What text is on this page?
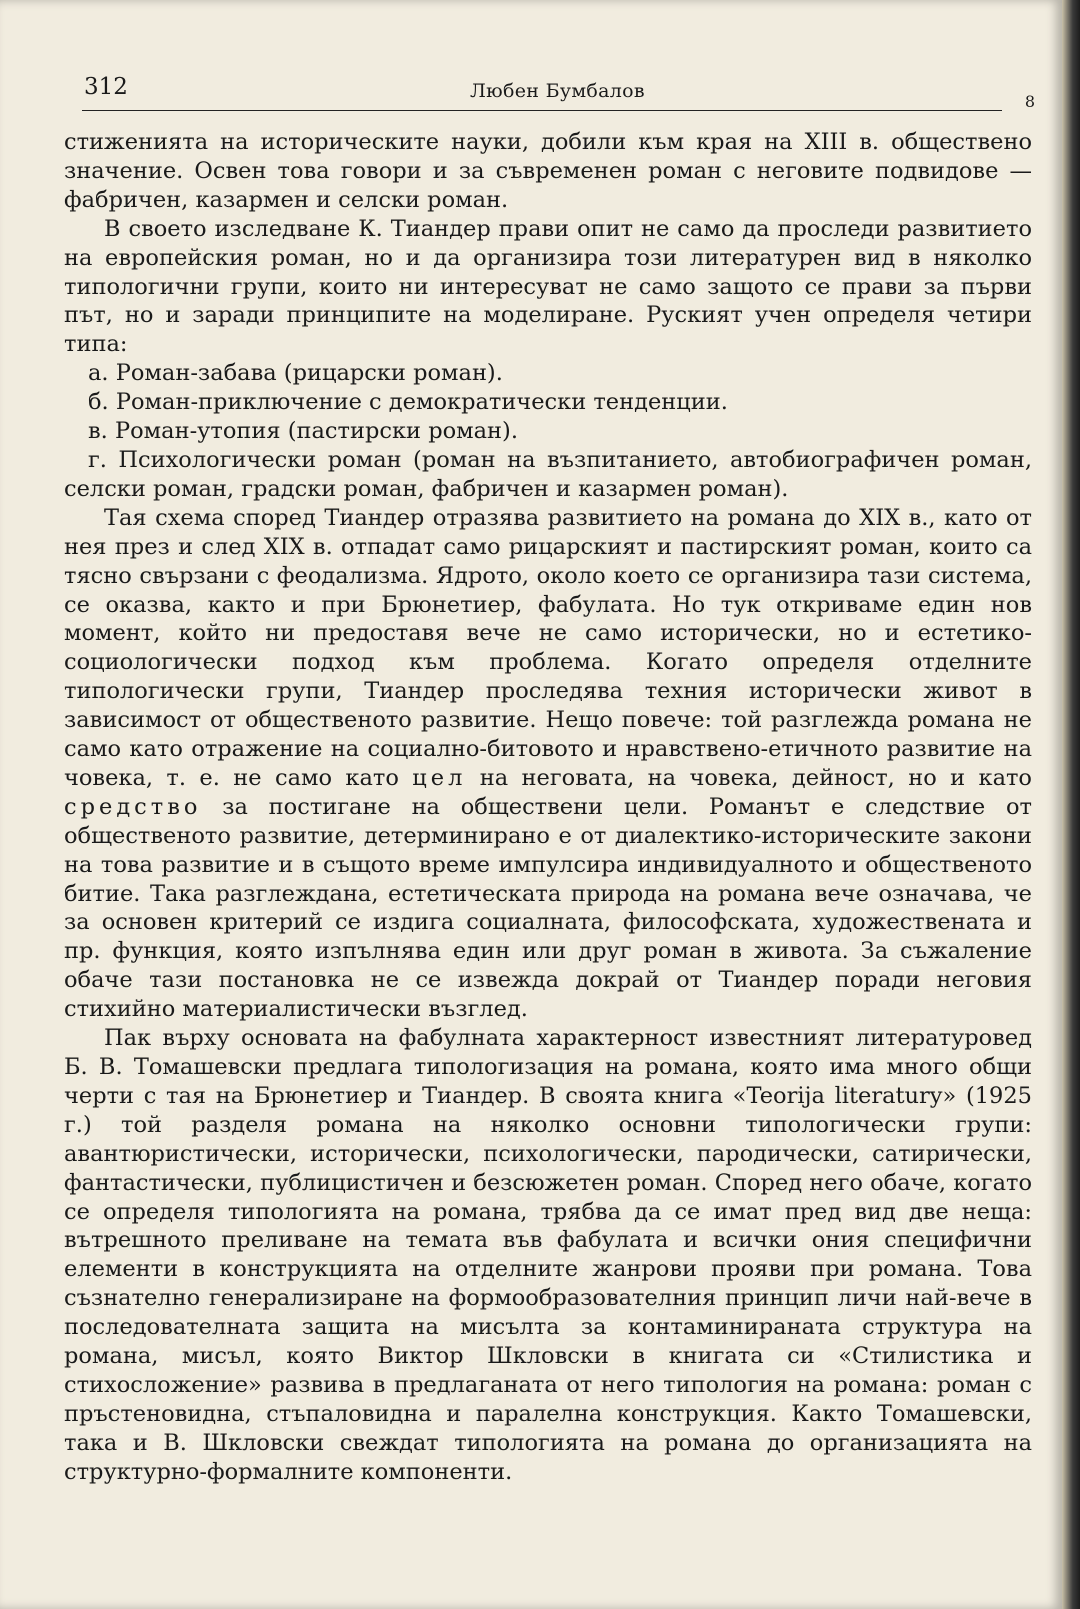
312	Любен Бумбалов	8

стиженията на историческите науки, добили към края на XIII в. обществено значение. Освен това говори и за съвременен роман с неговите подвидове — фабричен, казармен и селски роман.

В своето изследване К. Тиандер прави опит не само да проследи развитието на европейския роман, но и да организира този литературен вид в няколко типологични групи, които ни интересуват не само защото се прави за първи път, но и заради принципите на моделиране. Руският учен определя четири типа:

а. Роман-забава (рицарски роман).

б. Роман-приключение с демократически тенденции.

в. Роман-утопия (пастирски роман).

г. Психологически роман (роман на възпитанието, автобиографичен роман, селски роман, градски роман, фабричен и казармен роман).

Тая схема според Тиандер отразява развитието на романа до XIX в., като от нея през и след XIX в. отпадат само рицарският и пастирският роман, които са тясно свързани с феодализма. Ядрото, около което се организира тази система, се оказва, както и при Брюнетиер, фабулата. Но тук откриваме един нов момент, който ни предоставя вече не само исторически, но и естетико-социологически подход към проблема. Когато определя отделните типологически групи, Тиандер проследява техния исторически живот в зависимост от общественото развитие. Нещо повече: той разглежда романа не само като отражение на социално-битовото и нравствено-етичното развитие на човека, т. е. не само като цел на неговата, на човека, дейност, но и като средство за постигане на обществени цели. Романът е следствие от общественото развитие, детерминирано е от диалектико-историческите закони на това развитие и в същото време импулсира индивидуалното и общественото битие. Така разглеждана, естетическата природа на романа вече означава, че за основен критерий се издига социалната, философската, художествената и пр. функция, която изпълнява един или друг роман в живота. За съжаление обаче тази постановка не се извежда докрай от Тиандер поради неговия стихийно материалистически възглед.

Пак върху основата на фабулната характерност известният литературовед Б. В. Томашевски предлага типологизация на романа, която има много общи черти с тая на Брюнетиер и Тиандер. В своята книга «Teorija literatury» (1925 г.) той разделя романа на няколко основни типологически групи: авантюристически, исторически, психологически, пародически, сатирически, фантастически, публицистичен и безсюжетен роман. Според него обаче, когато се определя типологията на романа, трябва да се имат пред вид две неща: вътрешното преливане на темата във фабулата и всички ония специфични елементи в конструкцията на отделните жанрови прояви при романа. Това съзнателно генерализиране на формообразователния принцип личи най-вече в последователната защита на мисълта за контаминираната структура на романа, мисъл, която Виктор Шкловски в книгата си «Стилистика и стихосложение» развива в предлаганата от него типология на романа: роман с пръстеновидна, стъпаловидна и паралелна конструкция. Както Томашевски, така и В. Шкловски свеждат типологията на романа до организацията на структурно-формалните компоненти.
